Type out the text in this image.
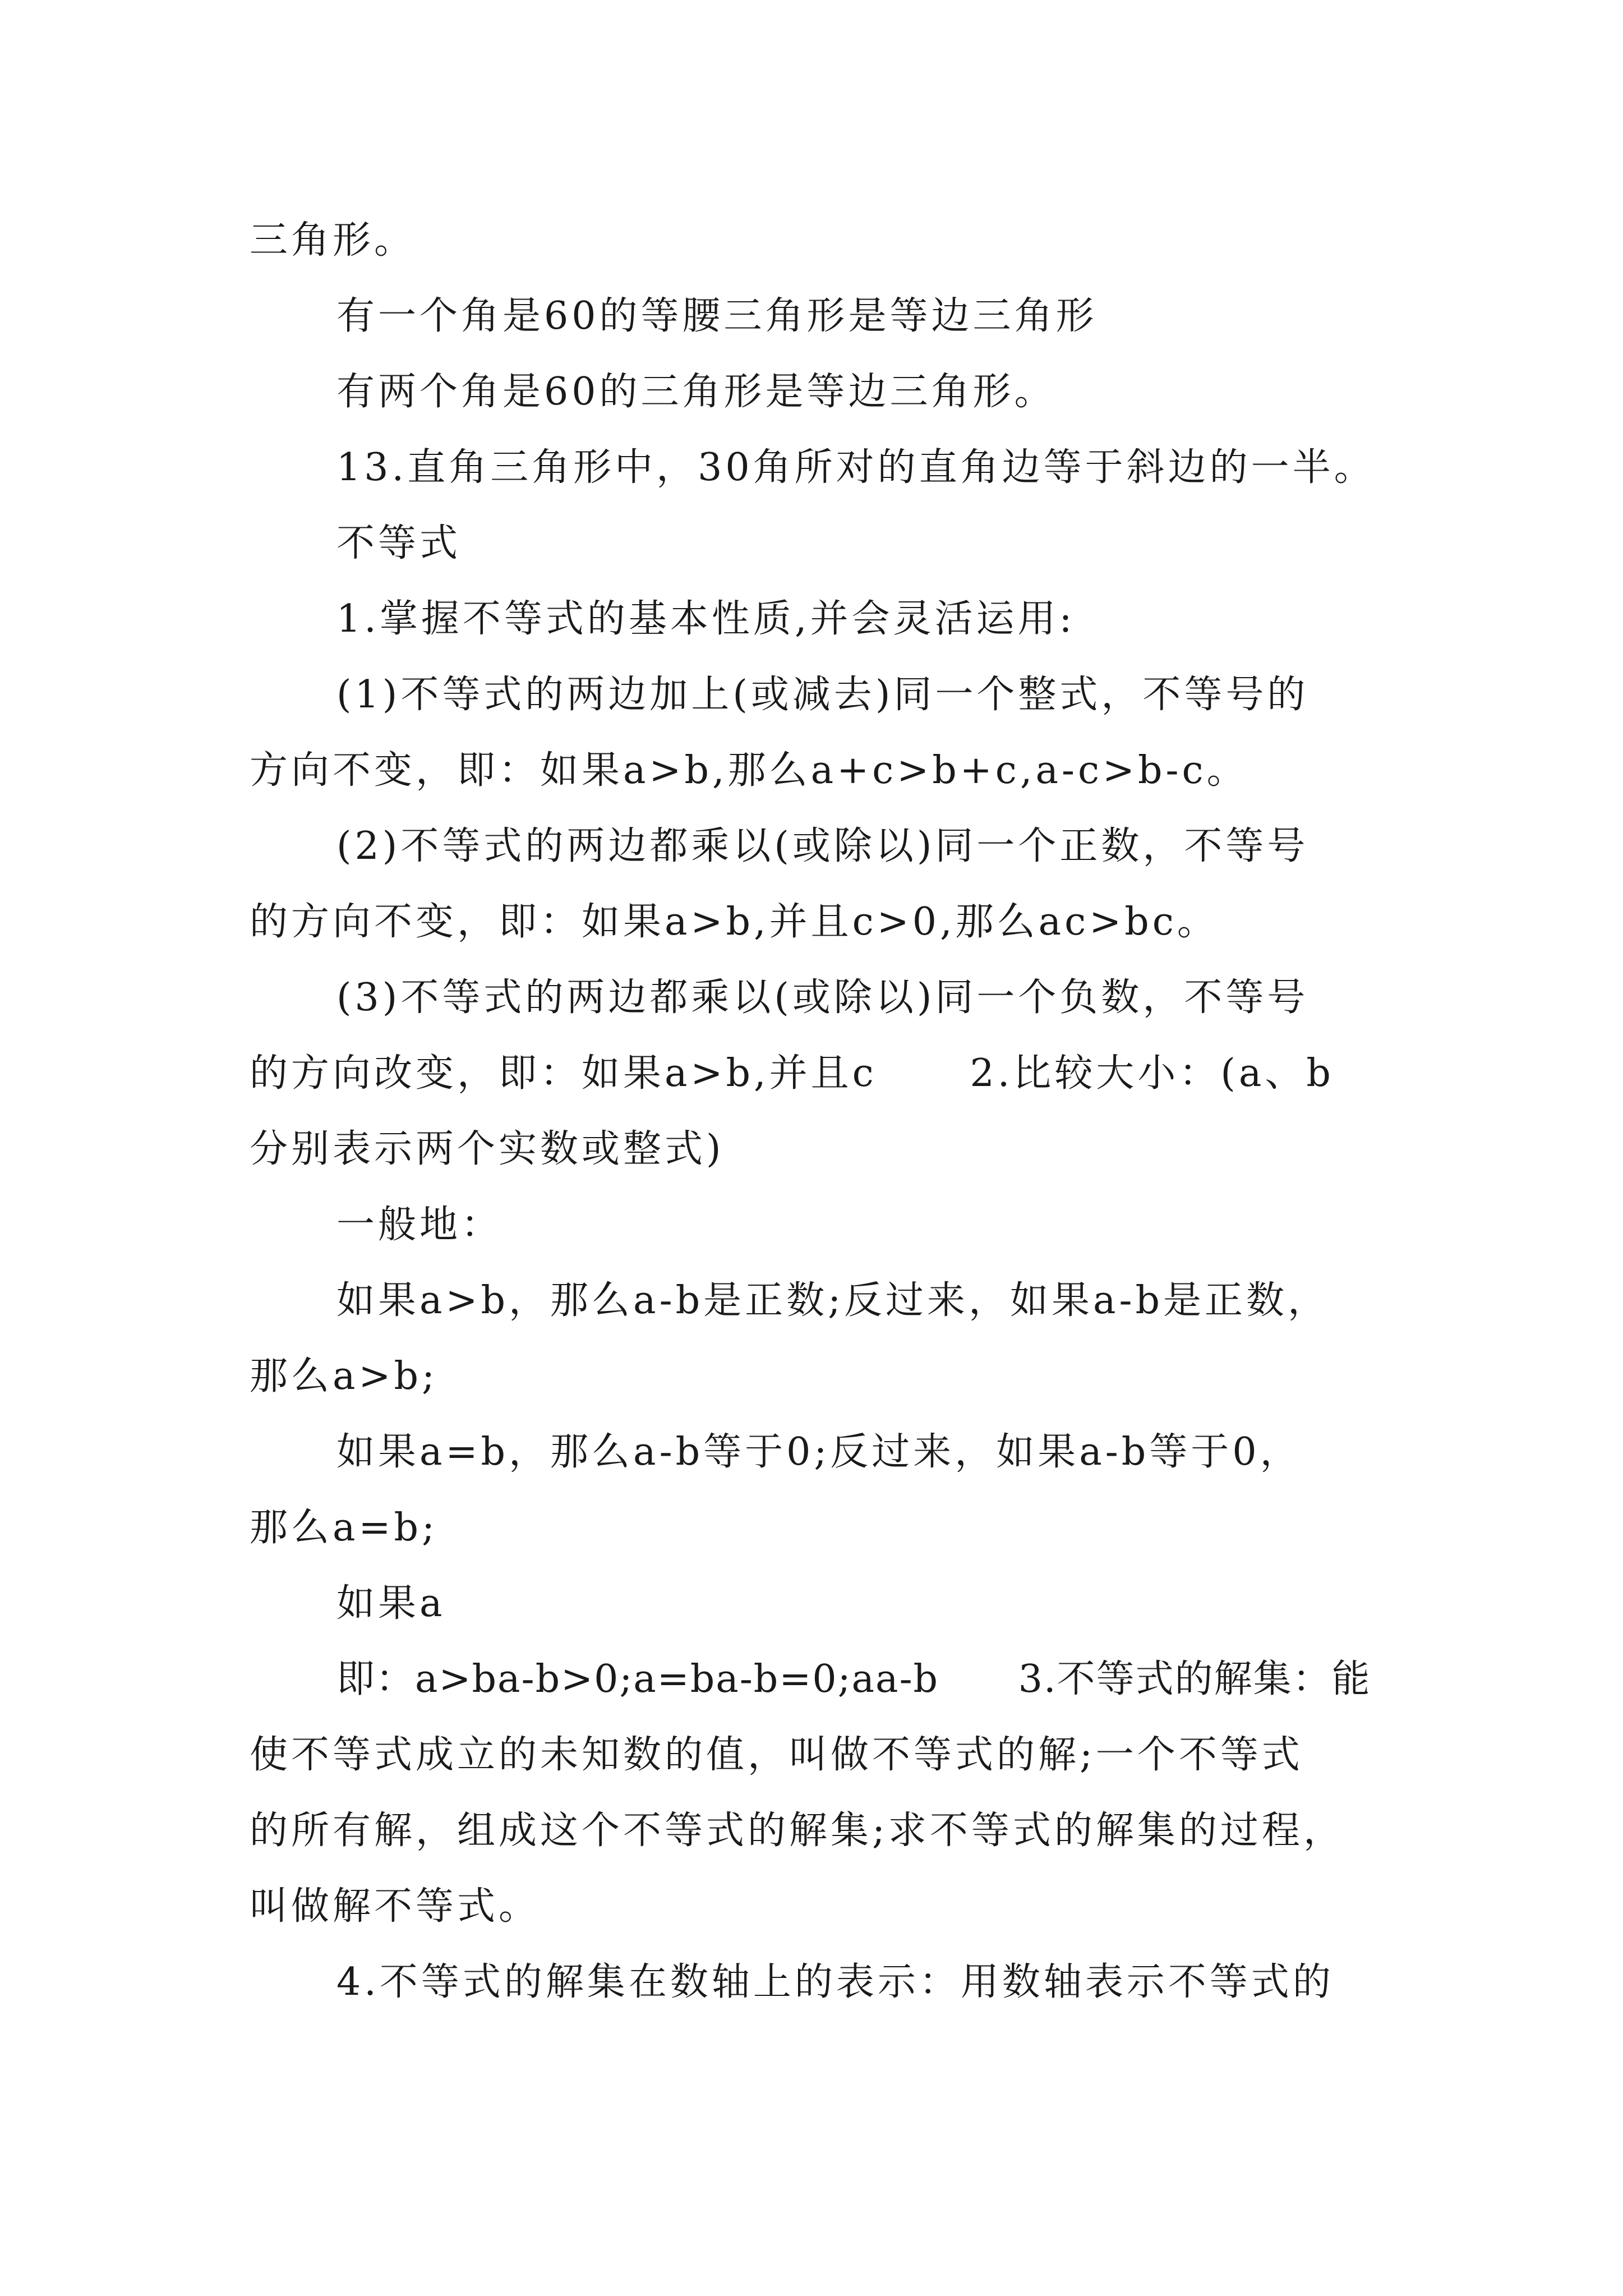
三角形。
有一个角是60的等腰三角形是等边三角形
有两个角是60的三角形是等边三角形。
13.直角三角形中，30角所对的直角边等于斜边的一半。
不等式
1.掌握不等式的基本性质,并会灵活运用:
(1)不等式的两边加上(或减去)同一个整式，不等号的
方向不变，即：如果a>b,那么a+c>b+c,a-c>b-c。
(2)不等式的两边都乘以(或除以)同一个正数，不等号
的方向不变，即：如果a>b,并且c>0,那么ac>bc。
(3)不等式的两边都乘以(或除以)同一个负数，不等号
的方向改变，即：如果a>b,并且c      2.比较大小：(a、b
分别表示两个实数或整式)
一般地：
如果a>b，那么a-b是正数;反过来，如果a-b是正数，
那么a>b;
如果a=b，那么a-b等于0;反过来，如果a-b等于0，
那么a=b;
如果a
即：a>ba-b>0;a=ba-b=0;aa-b      3.不等式的解集：能
使不等式成立的未知数的值，叫做不等式的解;一个不等式
的所有解，组成这个不等式的解集;求不等式的解集的过程，
叫做解不等式。
4.不等式的解集在数轴上的表示：用数轴表示不等式的
